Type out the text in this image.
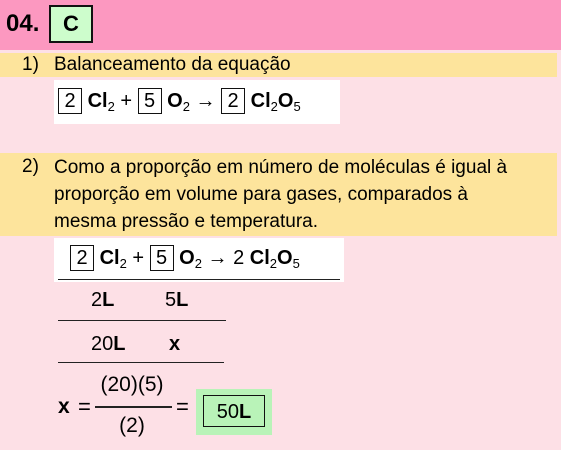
04.	C
1) Balanceamento da equação
2 $Cl_2 + 5$ $O_2 \to 2$ $Cl_2O_5$
2) Como a proporção em número de moléculas é igual à
proporção em volume para gases, comparados à
mesma pressão e temperatura.
2 $Cl_2 + 5$ $O_2 \to 2$ $Cl_2O_5$
2L	5L
20L x
x =
(20)(5)
(2)
=	50L
